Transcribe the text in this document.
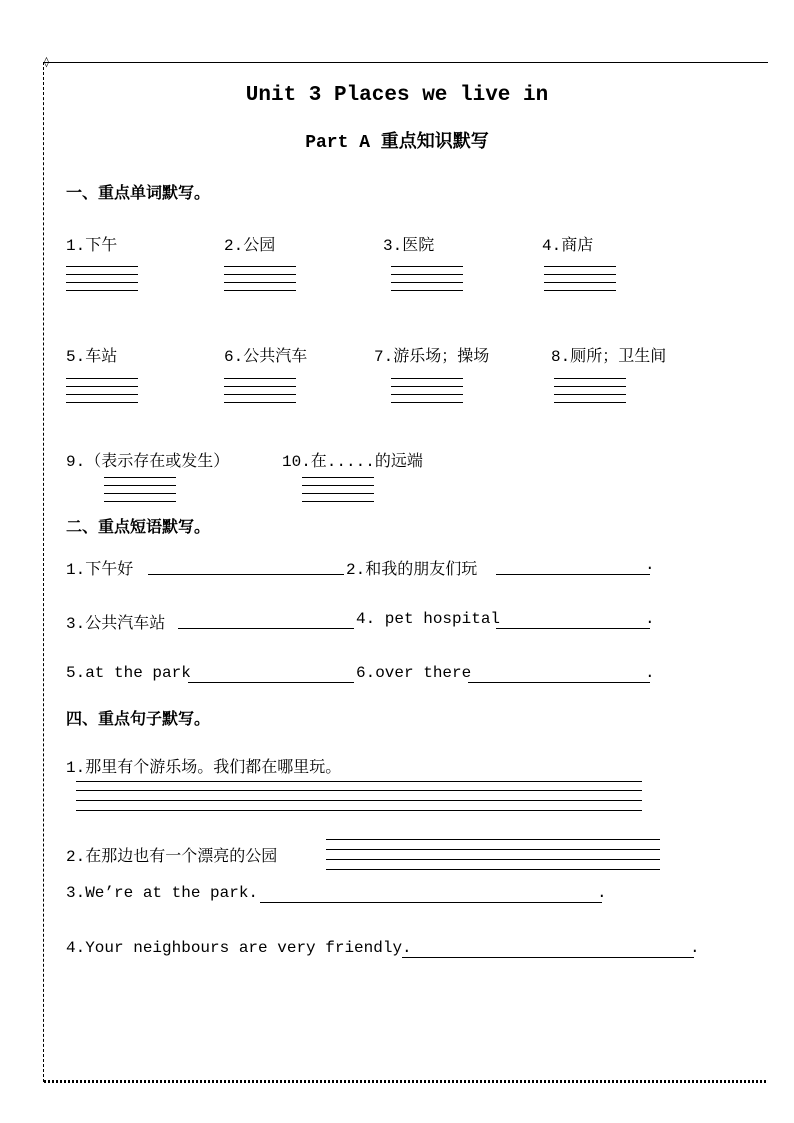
◊
Unit 3 Places we live in
Part A 重点知识默写
一、重点单词默写。
1.下午	2.公园	3.医院	4.商店
5.车站	6.公共汽车	7.游乐场；操场	8.厕所；卫生间
9.（表示存在或发生）	10.在.....的远端
二、重点短语默写。
1.下午好	2.和我的朋友们玩	.
3.公共汽车站	4. pet hospital	.
5.at the park	6.over there	.
四、重点句子默写。
1.那里有个游乐场。我们都在哪里玩。
2.在那边也有一个漂亮的公园
3.We’re at the park.	.
4.Your neighbours are very friendly.	.
